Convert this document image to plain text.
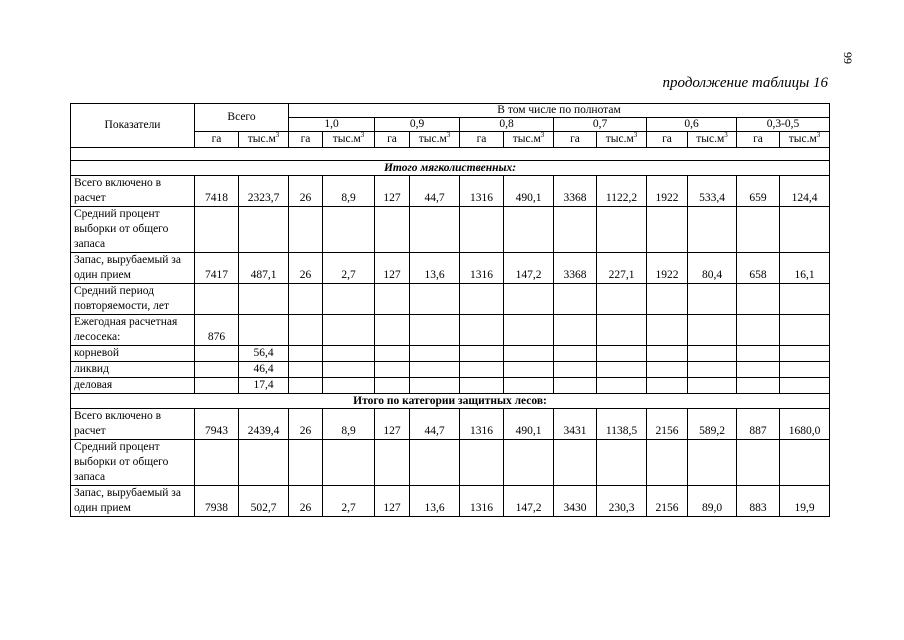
99
продолжение таблицы 16
Показатели	Всего		В том числе по полнотам											
			1,0		0,9		0,8		0,7		0,6		0,3-0,5	
	га	$тыс.м^3$	га	$тыс.м^3$	га	$тыс.м^3$	га	$тыс.м^3$	га	$тыс.м^3$	га	$тыс.м^3$	га	$тыс.м^3$

Итого мягколиственных:														
Всего включено в расчет	7418	2323,7	26	8,9	127	44,7	1316	490,1	3368	1122,2	1922	533,4	659	124,4
Средний процент выборки от общего запаса														
Запас, вырубаемый за один прием	7417	487,1	26	2,7	127	13,6	1316	147,2	3368	227,1	1922	80,4	658	16,1
Средний период повторяемости, лет														
Ежегодная расчетная лесосека:	876													
корневой		56,4												
ликвид		46,4												
деловая		17,4												
Итого по категории защитных лесов:														
Всего включено в расчет	7943	2439,4	26	8,9	127	44,7	1316	490,1	3431	1138,5	2156	589,2	887	1680,0
Средний процент выборки от общего запаса														
Запас, вырубаемый за один прием	7938	502,7	26	2,7	127	13,6	1316	147,2	3430	230,3	2156	89,0	883	19,9
